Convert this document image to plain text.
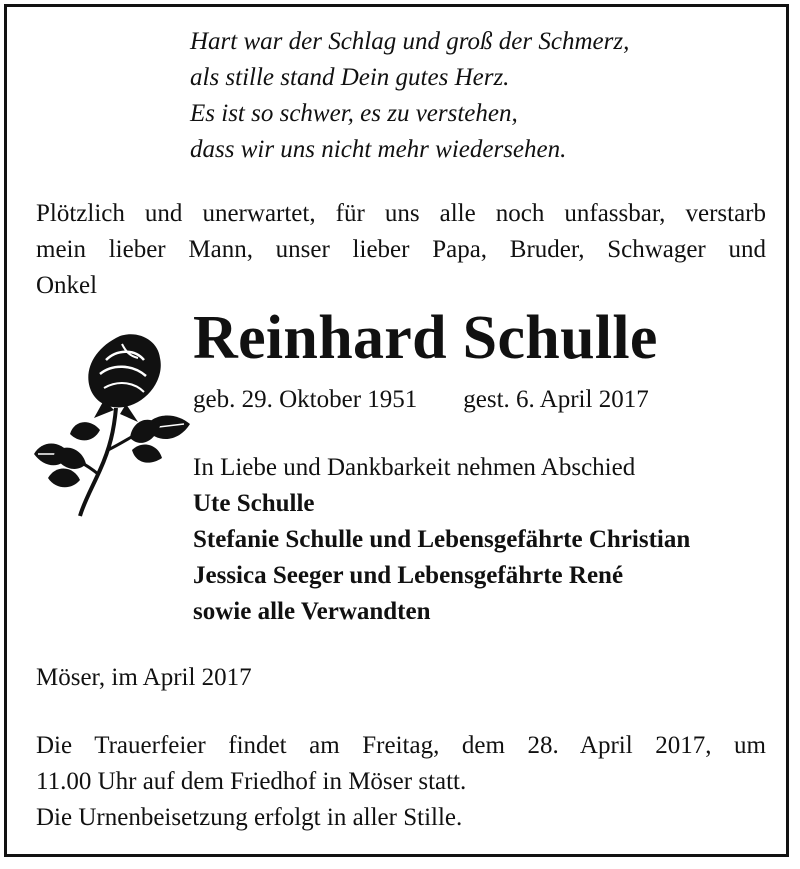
Hart war der Schlag und groß der Schmerz,
als stille stand Dein gutes Herz.
Es ist so schwer, es zu verstehen,
dass wir uns nicht mehr wiedersehen.
Plötzlich und unerwartet, für uns alle noch unfassbar, verstarb
mein lieber Mann, unser lieber Papa, Bruder, Schwager und
Onkel
Reinhard Schulle
geb. 29. Oktober 1951 gest. 6. April 2017
In Liebe und Dankbarkeit nehmen Abschied
Ute Schulle
Stefanie Schulle und Lebensgefährte Christian
Jessica Seeger und Lebensgefährte René
sowie alle Verwandten
Möser, im April 2017
Die Trauerfeier findet am Freitag, dem 28. April 2017, um
11.00 Uhr auf dem Friedhof in Möser statt.
Die Urnenbeisetzung erfolgt in aller Stille.
